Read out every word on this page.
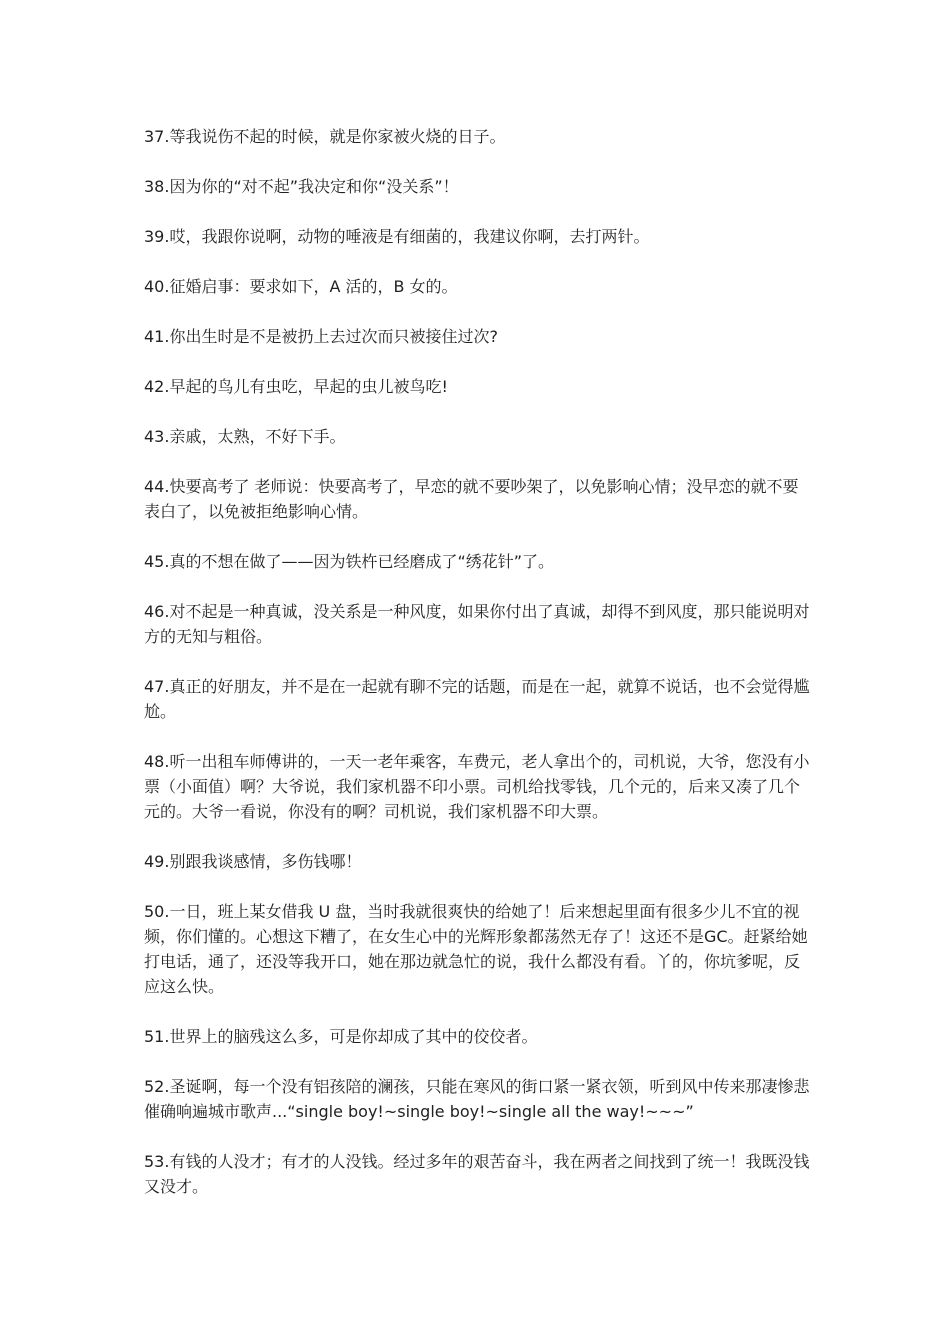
37.等我说伤不起的时候，就是你家被火烧的日子。

38.因为你的“对不起”我决定和你“没关系”！

39.哎，我跟你说啊，动物的唾液是有细菌的，我建议你啊，去打两针。

40.征婚启事：要求如下，A 活的，B 女的。

41.你出生时是不是被扔上去过次而只被接住过次?

42.早起的鸟儿有虫吃，早起的虫儿被鸟吃!

43.亲戚，太熟，不好下手。

44.快要高考了 老师说：快要高考了，早恋的就不要吵架了，以免影响心情；没早恋的就不要表白了，以免被拒绝影响心情。

45.真的不想在做了——因为铁杵已经磨成了“绣花针”了。

46.对不起是一种真诚，没关系是一种风度，如果你付出了真诚，却得不到风度，那只能说明对方的无知与粗俗。

47.真正的好朋友，并不是在一起就有聊不完的话题，而是在一起，就算不说话，也不会觉得尴尬。

48.听一出租车师傅讲的，一天一老年乘客，车费元，老人拿出个的，司机说，大爷，您没有小票（小面值）啊？大爷说，我们家机器不印小票。司机给找零钱，几个元的，后来又凑了几个元的。大爷一看说，你没有的啊？司机说，我们家机器不印大票。

49.别跟我谈感情，多伤钱哪！

50.一日，班上某女借我 U 盘，当时我就很爽快的给她了！后来想起里面有很多少儿不宜的视频，你们懂的。心想这下糟了，在女生心中的光辉形象都荡然无存了！这还不是GC。赶紧给她打电话，通了，还没等我开口，她在那边就急忙的说，我什么都没有看。丫的，你坑爹呢，反应这么快。

51.世界上的脑残这么多，可是你却成了其中的佼佼者。

52.圣诞啊，每一个没有铝孩陪的澜孩，只能在寒风的街口紧一紧衣领，听到风中传来那凄惨悲催确响遍城市歌声...“single boy!~single boy!~single all the way!~~~”

53.有钱的人没才；有才的人没钱。经过多年的艰苦奋斗，我在两者之间找到了统一！我既没钱又没才。
